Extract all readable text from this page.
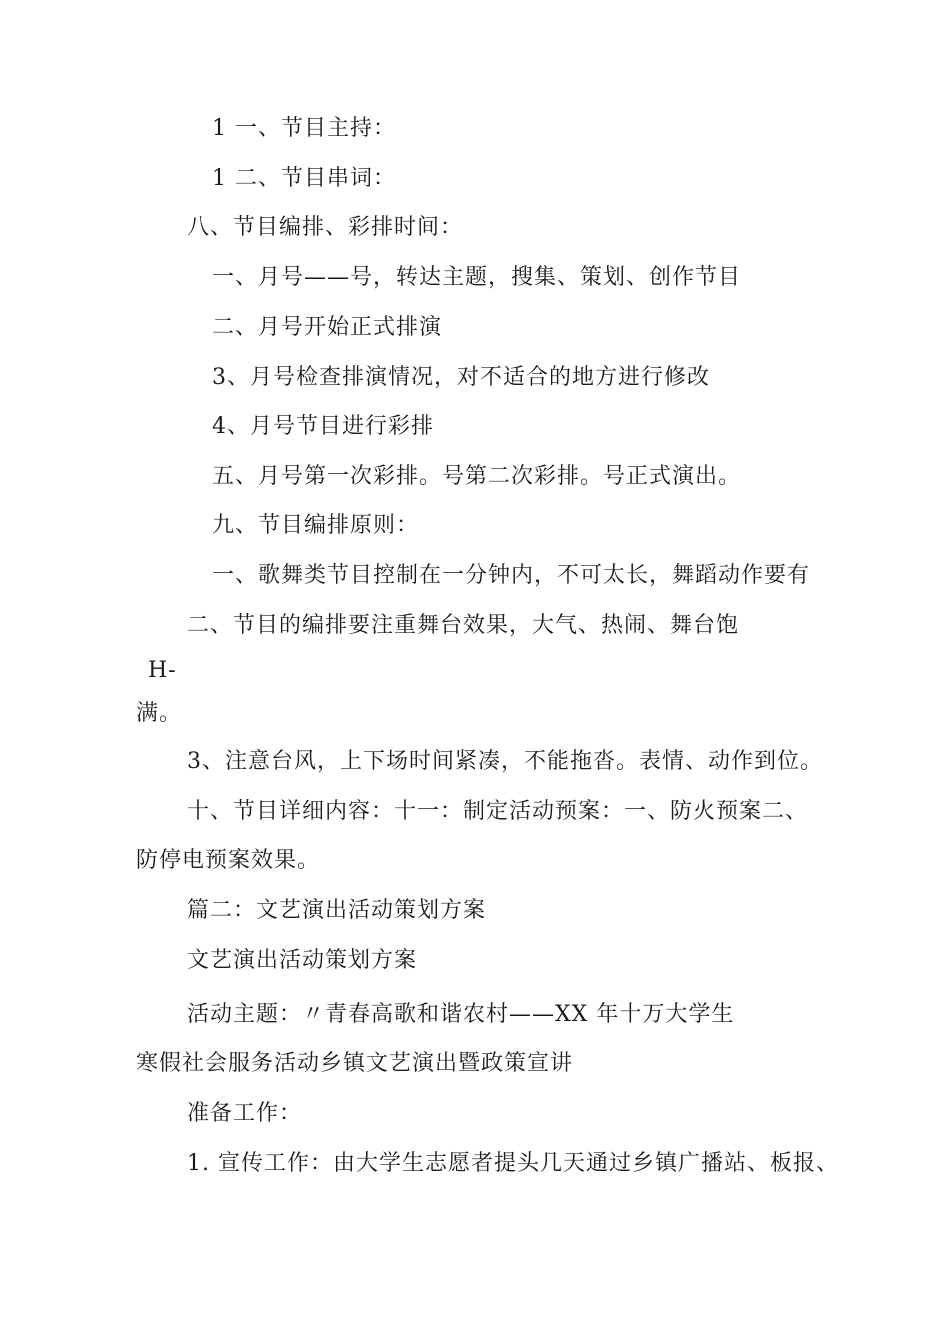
1 一、节目主持：
1 二、节目串词：
八、节目编排、彩排时间：
一、月号——号，转达主题，搜集、策划、创作节目
二、月号开始正式排演
3、月号检查排演情况，对不适合的地方进行修改
4、月号节目进行彩排
五、月号第一次彩排。号第二次彩排。号正式演出。
九、节目编排原则：
一、歌舞类节目控制在一分钟内，不可太长，舞蹈动作要有
二、节目的编排要注重舞台效果，大气、热闹、舞台饱
H-
满。
3、注意台风，上下场时间紧凑，不能拖沓。表情、动作到位。
十、节目详细内容：十一：制定活动预案：一、防火预案二、
防停电预案效果。
篇二：文艺演出活动策划方案
文艺演出活动策划方案
活动主题：〃青春高歌和谐农村——XX 年十万大学生
寒假社会服务活动乡镇文艺演出暨政策宣讲
准备工作：
1. 宣传工作：由大学生志愿者提头几天通过乡镇广播站、板报、
